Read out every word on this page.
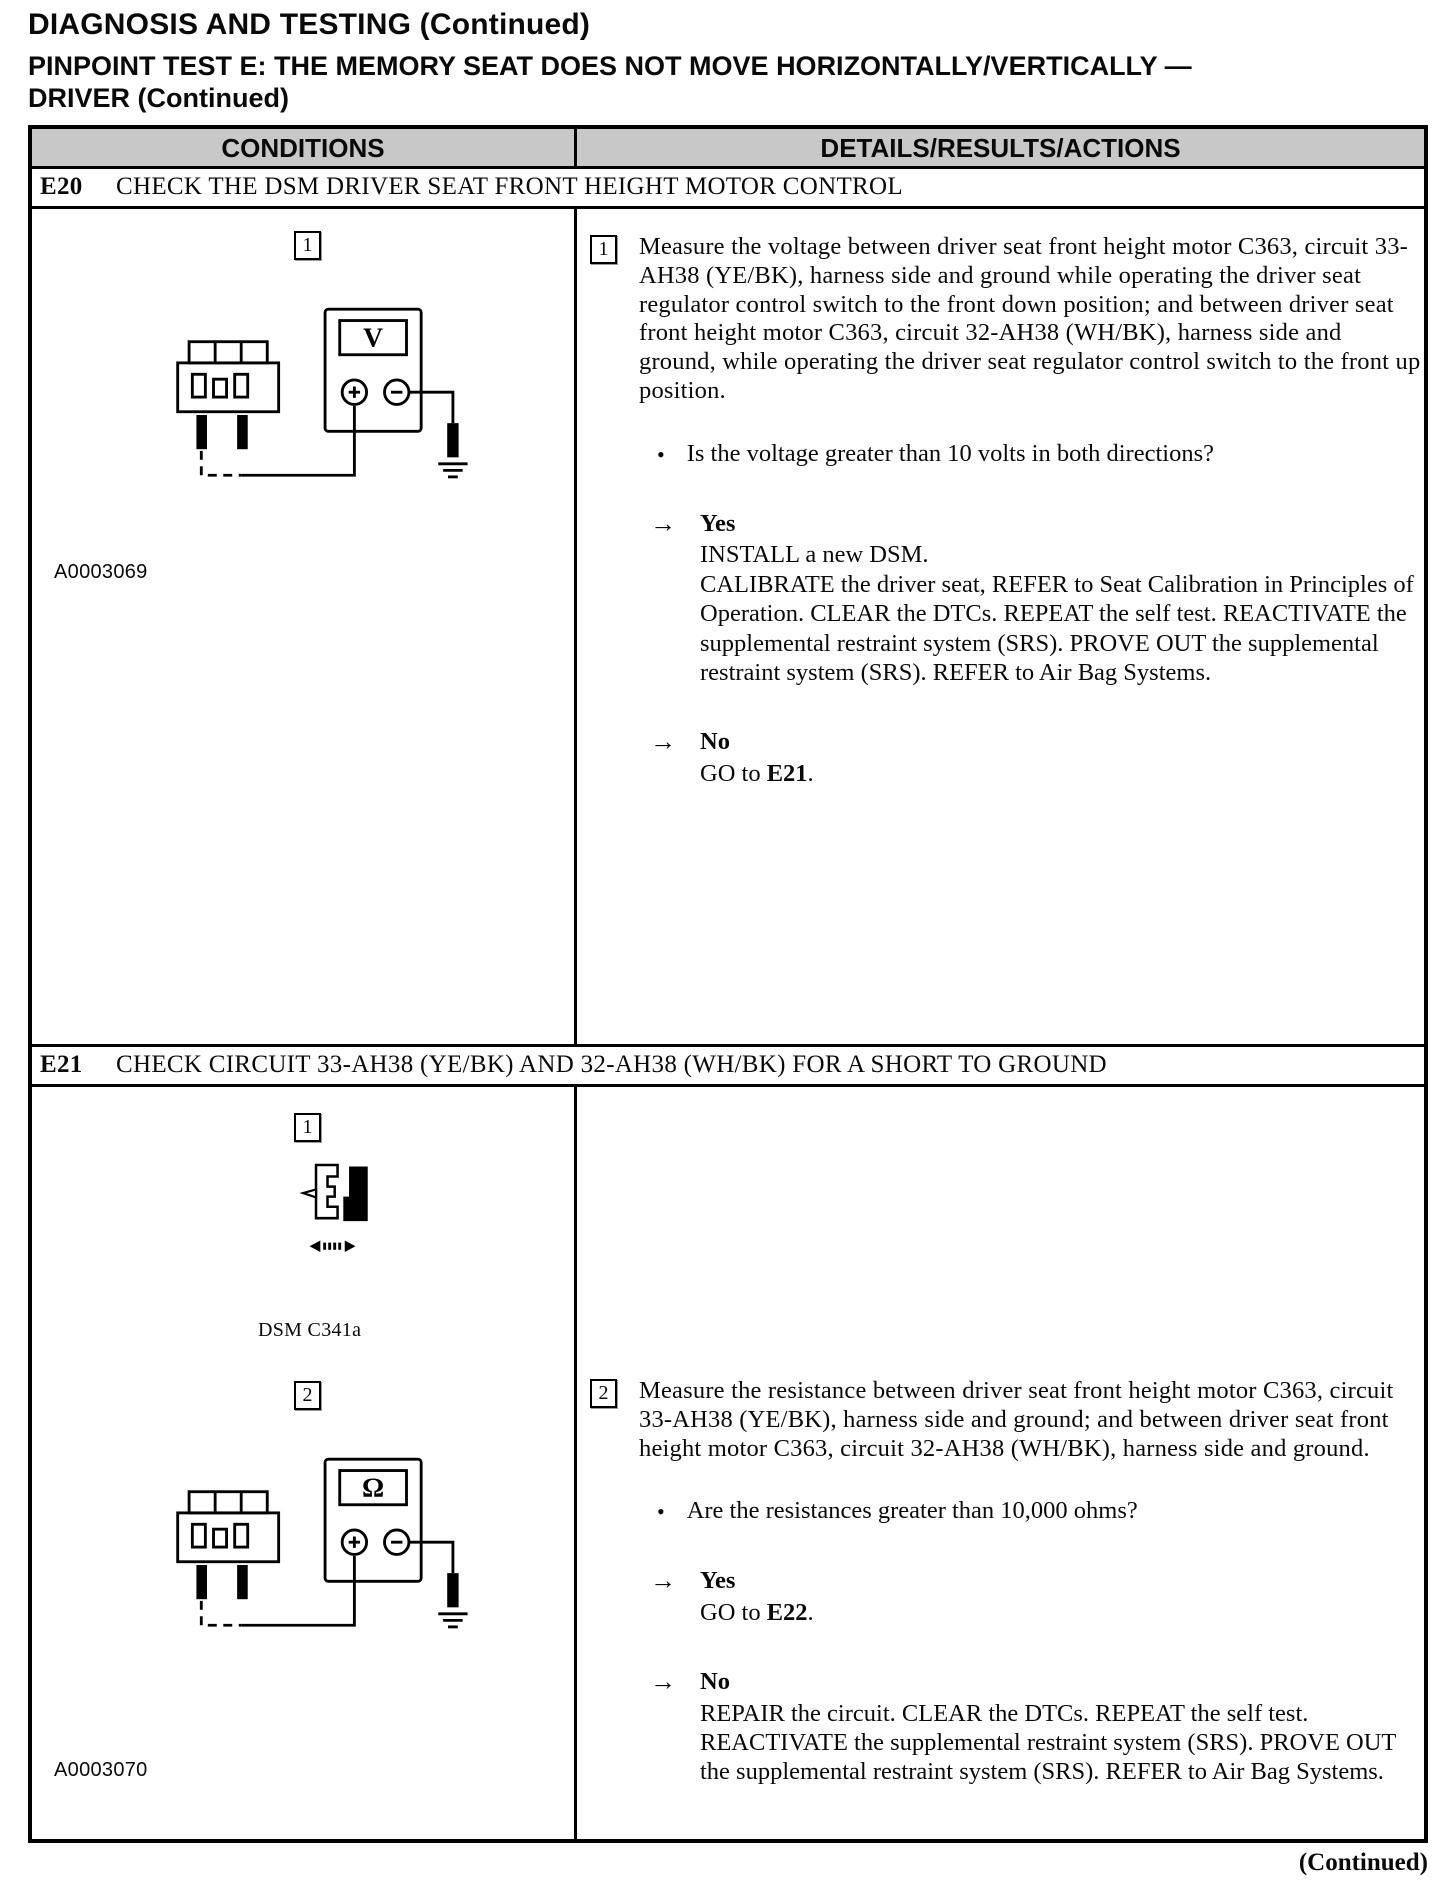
DIAGNOSIS AND TESTING (Continued)
PINPOINT TEST E: THE MEMORY SEAT DOES NOT MOVE HORIZONTALLY/VERTICALLY —
DRIVER (Continued)
CONDITIONS	DETAILS/RESULTS/ACTIONS
E20	CHECK THE DSM DRIVER SEAT FRONT HEIGHT MOTOR CONTROL
1
V
A0003069
1	Measure the voltage between driver seat front height motor C363, circuit 33-AH38 (YE/BK), harness side and ground while operating the driver seat regulator control switch to the front down position; and between driver seat front height motor C363, circuit 32-AH38 (WH/BK), harness side and ground, while operating the driver seat regulator control switch to the front up position.

• Is the voltage greater than 10 volts in both directions?

→ Yes
INSTALL a new DSM.
CALIBRATE the driver seat, REFER to Seat Calibration in Principles of Operation. CLEAR the DTCs. REPEAT the self test. REACTIVATE the supplemental restraint system (SRS). PROVE OUT the supplemental restraint system (SRS). REFER to Air Bag Systems.
→ No
GO to E21.
E21	CHECK CIRCUIT 33-AH38 (YE/BK) AND 32-AH38 (WH/BK) FOR A SHORT TO GROUND
1
DSM C341a
2
Ω
A0003070
2	Measure the resistance between driver seat front height motor C363, circuit 33-AH38 (YE/BK), harness side and ground; and between driver seat front height motor C363, circuit 32-AH38 (WH/BK), harness side and ground.

• Are the resistances greater than 10,000 ohms?

→ Yes
GO to E22.
→ No
REPAIR the circuit. CLEAR the DTCs. REPEAT the self test. REACTIVATE the supplemental restraint system (SRS). PROVE OUT the supplemental restraint system (SRS). REFER to Air Bag Systems.
(Continued)
